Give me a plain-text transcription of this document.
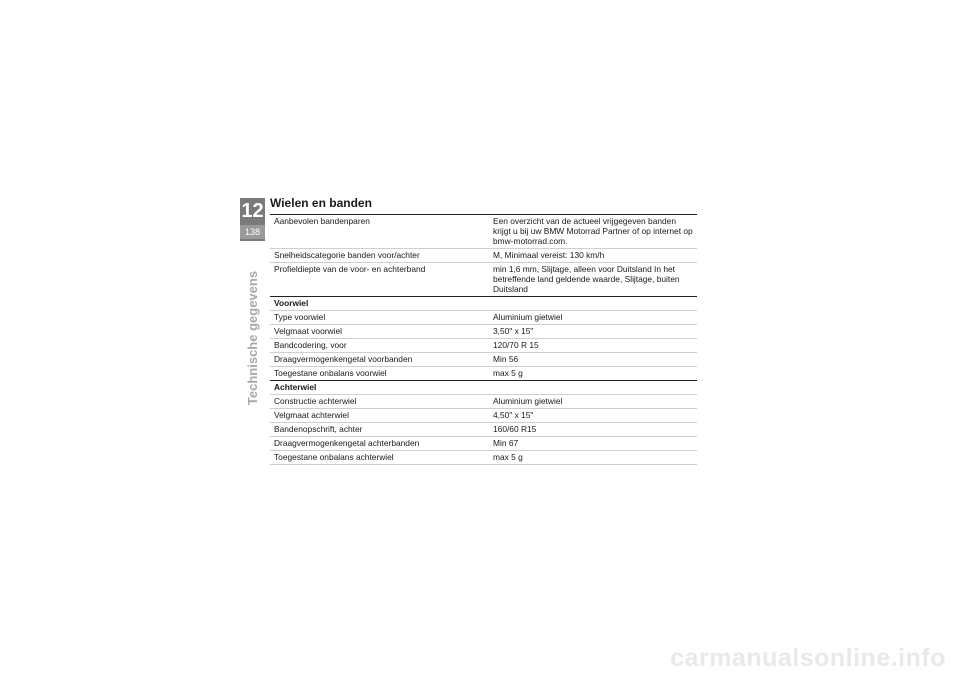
12
138
Technische gegevens
Wielen en banden
Aanbevolen bandenparen	Een overzicht van de actueel vrijgegeven banden krijgt u bij uw BMW Motorrad Partner of op internet op bmw-motorrad.com.
Snelheidscategorie banden voor/achter	M, Minimaal vereist: 130 km/h
Profieldiepte van de voor- en achterband	min 1,6 mm, Slijtage, alleen voor Duitsland In het betreffende land geldende waarde, Slijtage, buiten Duitsland
Voorwiel	
Type voorwiel	Aluminium gietwiel
Velgmaat voorwiel	3,50" x 15"
Bandcodering, voor	120/70 R 15
Draagvermogenkengetal voorbanden	Min 56
Toegestane onbalans voorwiel	max 5 g
Achterwiel	
Constructie achterwiel	Aluminium gietwiel
Velgmaat achterwiel	4,50" x 15"
Bandenopschrift, achter	160/60 R15
Draagvermogenkengetal achterbanden	Min 67
Toegestane onbalans achterwiel	max 5 g
carmanualsonline.info
